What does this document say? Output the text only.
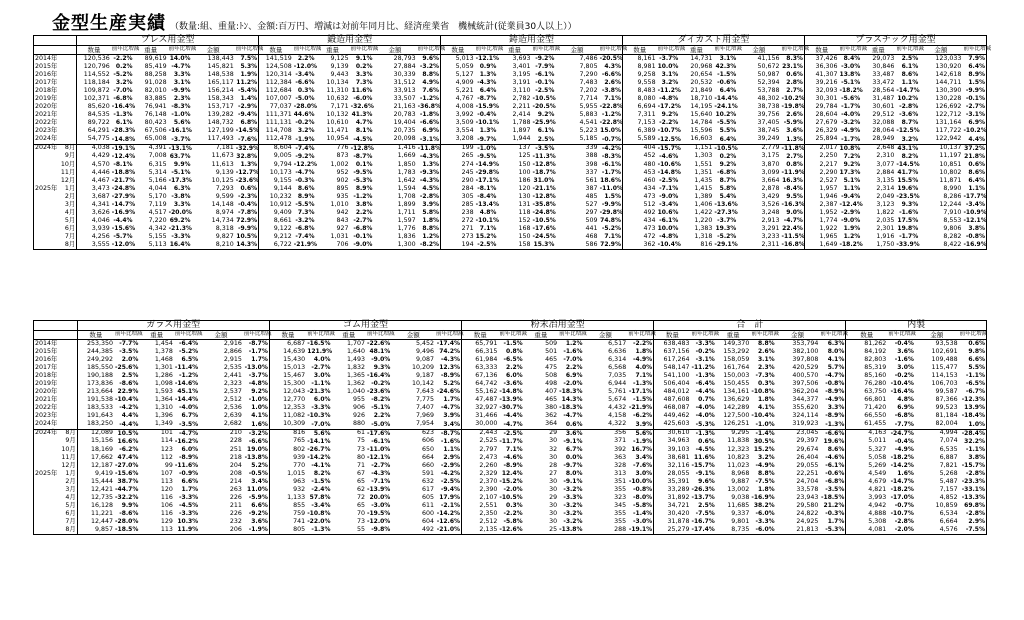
金型生産実績 （数量:組、重量:ﾄﾝ、金額:百万円、増減は対前年同月比、経済産業省　機械統計(従業員30人以上））
		プレス用金型						鍛造用金型						鋳造用金型						ダイカスト用金型						プラスチック用金型					
		数量	前年比増減	重量	前年比増減	金額	前年比増減	数量	前年比増減	重量	前年比増減	金額	前年比増減	数量	前年比増減	重量	前年比増減	金額	前年比増減	数量	前年比増減	重量	前年比増減	金額	前年比増減	数量	前年比増減	重量	前年比増減	金額	前年比増減
2014年		120,536	-2.2%	89,619	14.0%	138,443	7.5%	141,519	2.2%	9,125	9.1%	28,793	9.6%	5,013	-12.1%	3,693	-9.2%	7,486	-20.5%	8,161	-3.7%	14,731	3.1%	41,156	8.3%	37,426	8.4%	29,073	2.5%	123,033	7.9%
2015年		120,796	0.2%	85,419	-4.7%	145,821	5.3%	124,508	-12.0%	9,139	0.2%	27,884	-3.2%	5,059	0.9%	3,401	-7.9%	7,805	4.3%	8,981	10.0%	20,968	42.3%	50,672	23.1%	36,306	-3.0%	30,846	6.1%	130,920	6.4%
2016年		114,552	-5.2%	88,258	3.3%	148,538	1.9%	120,314	-3.4%	9,443	3.3%	30,339	8.8%	5,127	1.3%	3,195	-6.1%	7,290	-6.6%	9,258	3.1%	20,654	-1.5%	50,987	0.6%	41,307	13.8%	33,487	8.6%	142,618	8.9%
2017年		118,184	3.2%	91,028	3.1%	165,117	11.2%	112,384	-6.6%	10,134	7.3%	31,512	4.9%	4,909	-4.3%	3,191	-0.1%	7,483	2.6%	9,558	3.2%	20,532	-0.6%	52,394	2.8%	39,216	-5.1%	33,472	1.1%	144,711	1.5%
2018年		109,872	-7.0%	82,010	-9.9%	156,214	-5.4%	112,684	0.3%	11,310	11.6%	33,913	7.6%	5,221	6.4%	3,110	-2.5%	7,202	-3.8%	8,483	-11.2%	21,849	6.4%	53,788	2.7%	32,093	-18.2%	28,564	-14.7%	130,390	-9.9%
2019年		102,371	-6.8%	83,885	2.3%	158,343	1.4%	107,007	-5.0%	10,632	-6.0%	33,507	-1.2%	4,767	-8.7%	2,782	-10.5%	7,714	7.1%	8,080	-4.8%	18,710	-14.4%	48,302	-10.2%	30,301	-5.6%	31,487	10.2%	130,228	-0.1%
2020年		85,620	-16.4%	76,941	-8.3%	153,717	-2.9%	77,037	-28.0%	7,171	-32.6%	21,163	-36.8%	4,008	-15.9%	2,211	-20.5%	5,955	-22.8%	6,694	-17.2%	14,195	-24.1%	38,738	-19.8%	29,784	-1.7%	30,601	-2.8%	126,692	-2.7%
2021年		84,535	-1.3%	76,148	-1.0%	139,282	-9.4%	111,371	44.6%	10,132	41.3%	20,783	-1.8%	3,992	-0.4%	2,414	9.2%	5,883	-1.2%	7,311	9.2%	15,640	10.2%	39,756	2.6%	28,604	-4.0%	29,512	-3.6%	122,712	-3.1%
2022年		89,722	6.1%	80,423	5.6%	148,732	6.8%	111,131	-0.2%	10,610	4.7%	19,404	-6.6%	3,509	-10.1%	1,788	-25.9%	4,541	-22.8%	7,153	-2.2%	14,784	-5.5%	37,405	-5.9%	27,679	-3.2%	32,088	8.7%	131,164	6.9%
2023年		64,291	-28.3%	67,506	-16.1%	127,199	-14.5%	114,708	3.2%	11,471	8.1%	20,735	6.9%	3,554	1.3%	1,897	6.1%	5,223	15.0%	6,389	-10.7%	15,596	5.5%	38,745	3.6%	26,329	-4.9%	28,064	-12.5%	117,722	-10.2%
2024年		54,775	-14.8%	65,008	-3.7%	117,493	-7.6%	112,478	-1.9%	10,954	-4.5%	20,098	-3.1%	3,208	-9.7%	1,944	2.5%	5,185	-0.7%	5,589	-12.5%	16,603	6.4%	39,249	1.3%	25,894	-1.7%	28,949	3.2%	122,942	4.4%
2024年	8月	4,038	-19.1%	4,391	-13.1%	7,181	-32.9%	8,604	-7.4%	776	-12.8%	1,416	-11.8%	199	-1.0%	137	-3.5%	339	-4.2%	404	-15.7%	1,151	-10.5%	2,779	-11.8%	2,017	10.8%	2,648	43.1%	10,137	37.2%
	9月	4,429	-12.4%	7,008	63.7%	11,673	32.8%	9,005	-9.2%	873	-8.7%	1,669	-4.3%	265	-9.5%	125	-11.3%	388	-8.3%	452	-4.6%	1,303	0.2%	3,175	2.7%	2,250	7.2%	2,310	8.2%	11,197	21.8%
	10月	4,570	-8.1%	6,315	9.9%	11,613	1.3%	9,794	-12.2%	1,002	0.1%	1,850	1.3%	274	-14.9%	150	-12.8%	398	-6.1%	480	-10.6%	1,551	9.2%	3,870	0.8%	2,217	9.2%	3,077	-14.5%	10,851	0.6%
	11月	4,446	-18.8%	5,314	-5.1%	9,139	-12.7%	10,173	-4.7%	952	-9.5%	1,783	-9.3%	245	-29.8%	100	-18.7%	337	-1.7%	453	-14.8%	1,351	-6.8%	3,099	-11.9%	2,290	17.3%	2,884	41.7%	10,802	8.6%
	12月	4,467	-21.7%	5,166	-17.3%	10,125	-23.6%	9,155	-0.3%	902	-5.3%	1,642	-4.3%	290	-17.1%	186	31.0%	561	18.6%	460	-2.5%	1,435	8.7%	3,664	16.3%	2,527	5.1%	3,135	15.5%	11,871	6.4%
2025年	1月	3,473	-24.8%	4,044	6.3%	7,293	0.6%	9,144	8.6%	895	8.9%	1,594	4.5%	284	-8.1%	120	-21.1%	387	-11.0%	434	-7.1%	1,415	5.8%	2,878	-8.4%	1,957	1.1%	2,314	19.6%	8,990	1.1%
	2月	3,687	-27.9%	5,170	-3.8%	9,599	-2.3%	10,232	8.9%	935	-1.2%	1,708	-2.8%	305	-8.4%	130	-12.8%	485	1.5%	473	-9.0%	1,389	5.4%	3,429	9.5%	1,946	-9.4%	2,049	-23.5%	8,286	-17.7%
	3月	4,341	-14.7%	7,119	3.3%	14,148	-0.4%	10,912	-5.5%	1,010	3.8%	1,899	3.9%	285	-13.4%	131	-35.8%	527	-9.9%	512	-3.4%	1,406	-13.6%	3,526	-16.3%	2,387	-12.4%	3,123	9.3%	12,244	-3.4%
	4月	3,626	-16.9%	4,517	-20.0%	8,974	-7.8%	9,409	7.3%	942	2.2%	1,711	5.8%	238	4.8%	118	-24.8%	297	-29.8%	492	10.6%	1,422	-27.3%	3,248	9.0%	1,952	-2.9%	1,822	-1.6%	7,910	-10.9%
	5月	4,046	-4.4%	7,220	69.2%	14,734	72.9%	8,661	-3.2%	843	-2.7%	1,597	1.8%	272	-10.1%	152	-10.5%	509	74.8%	434	-6.1%	1,220	-3.7%	2,913	-4.7%	1,774	-9.0%	2,035	17.5%	8,553	-12.1%
	6月	3,939	-15.6%	4,342	-21.3%	8,318	-9.9%	9,122	-6.8%	927	-6.8%	1,776	8.8%	271	7.1%	168	-17.6%	441	-5.2%	473	10.0%	1,383	19.3%	3,291	22.4%	1,922	1.9%	2,301	19.8%	9,806	3.8%
	7月	4,256	-5.7%	5,155	-3.3%	9,827	10.5%	9,212	-7.4%	1,031	-0.1%	1,836	1.2%	273	15.2%	150	-24.5%	468	7.1%	472	-4.8%	1,318	-5.2%	3,233	-11.5%	1,965	1.2%	1,916	-1.7%	8,282	-0.8%
	8月	3,555	-12.0%	5,113	16.4%	8,210	14.3%	6,722	-21.9%	706	-9.0%	1,300	-8.2%	194	-2.5%	158	15.3%	586	72.9%	362	-10.4%	816	-29.1%	2,311	-16.8%	1,649	-18.2%	1,750	-33.9%	8,422	-16.9%
		ガラス用金型						ゴム用金型						粉末冶用金型						合　計						内製			
		数量	前年比増減	重量	前年比増減	金額	前年比増減	数量	前年比増減	重量	前年比増減	金額	前年比増減	数量	前年比増減	重量	前年比増減	金額	前年比増減	数量	前年比増減	重量	前年比増減	金額	前年比増減	数量	前年比増減	金額	前年比増減
2014年		253,350	-7.7%	1,454	-6.4%	2,916	-8.7%	6,687	-16.5%	1,707	-22.6%	5,452	-17.4%	65,791	-1.5%	509	1.2%	6,517	-2.2%	638,483	-3.3%	149,370	8.8%	353,794	6.3%	81,262	-0.4%	93,538	0.6%
2015年		244,385	-3.5%	1,378	-5.2%	2,866	-1.7%	14,639	121.9%	1,640	48.1%	9,496	74.2%	66,315	0.8%	501	-1.6%	6,636	1.8%	637,156	-0.2%	153,292	2.6%	382,100	8.0%	84,192	3.6%	102,691	9.8%
2016年		249,292	2.0%	1,468	6.5%	2,915	1.7%	15,430	4.0%	1,493	-9.0%	9,087	-4.3%	61,984	-6.5%	465	-7.0%	6,314	-4.9%	617,264	-3.1%	158,059	3.1%	397,808	4.1%	82,803	-1.6%	109,488	6.6%
2017年		185,550	-25.6%	1,301	-11.4%	2,535	-13.0%	15,013	-2.7%	1,832	9.3%	10,209	12.3%	63,333	2.2%	475	2.2%	6,568	4.0%	548,147	-11.2%	161,764	2.3%	420,529	5.7%	85,319	3.0%	115,477	5.5%
2018年		190,188	2.5%	1,286	-1.2%	2,441	-3.7%	15,467	3.0%	1,365	-16.4%	9,187	-8.9%	67,136	6.0%	508	6.9%	7,035	7.1%	541,100	-1.3%	150,003	-7.3%	400,570	-4.7%	85,160	-0.2%	114,153	-1.1%
2019年		173,836	-8.6%	1,098	-14.6%	2,323	-4.8%	15,300	-1.1%	1,362	-0.2%	10,142	5.2%	64,742	-3.6%	498	-2.0%	6,944	-1.3%	506,404	-6.4%	150,455	0.3%	397,506	-0.8%	76,280	-10.4%	106,703	-6.5%
2020年		213,664	22.9%	1,593	45.1%	2,537	9.2%	12,043	-21.3%	1,040	-23.6%	7,643	-24.6%	55,162	-14.8%	407	-18.3%	5,761	-17.1%	484,012	-4.4%	134,161	-10.8%	362,204	-8.9%	63,750	-16.4%	99,587	-6.7%
2021年		191,538	-10.4%	1,364	-14.4%	2,512	-1.0%	12,770	6.0%	955	-8.2%	7,775	1.7%	47,487	-13.9%	465	14.3%	5,674	-1.5%	487,608	0.7%	136,629	1.8%	344,377	-4.9%	66,801	4.8%	87,366	-12.3%
2022年		183,533	-4.2%	1,310	-4.0%	2,536	1.0%	12,353	-3.3%	906	-5.1%	7,407	-4.7%	32,927	-30.7%	380	-18.3%	4,432	-21.9%	468,087	-4.0%	142,289	4.1%	355,620	3.3%	71,420	6.9%	99,523	13.9%
2023年		191,643	4.4%	1,396	6.7%	2,639	4.1%	11,082	-10.3%	926	2.2%	7,969	3.9%	31,466	-4.4%	362	-4.7%	4,158	-6.2%	449,462	-4.0%	127,500	-10.4%	324,114	-8.9%	66,550	-6.8%	81,184	-18.4%
2024年		183,250	-4.4%	1,349	-3.5%	2,682	1.6%	10,309	-7.0%	880	-5.0%	7,954	3.4%	30,000	-4.7%	364	0.6%	4,322	3.9%	425,603	-5.3%	126,251	-1.0%	319,923	-1.3%	61,455	-7.7%	82,004	1.0%
2024年	8月	12,089	10.5%	101	-4.7%	210	-3.2%	816	5.6%	61	-17.6%	623	-8.7%	2,443	-2.5%	29	3.6%	356	5.6%	30,610	-1.3%	9,295	-1.4%	23,045	-6.6%	4,163	-24.7%	4,994	-28.4%
	9月	15,156	16.6%	114	-16.2%	228	-6.6%	765	-14.1%	75	-6.1%	606	-1.6%	2,525	-11.7%	30	-9.1%	371	-1.9%	34,963	0.6%	11,838	30.5%	29,397	19.6%	5,011	-0.4%	7,074	32.2%
	10月	18,169	-6.2%	123	6.0%	251	19.0%	802	-26.7%	73	-11.0%	650	1.1%	2,797	7.1%	32	6.7%	392	16.7%	39,103	-4.5%	12,323	15.2%	29,674	8.6%	5,327	-4.9%	6,535	-1.1%
	11月	17,662	47.4%	112	-8.9%	218	-13.8%	939	-14.2%	80	-12.1%	664	2.9%	2,473	-4.6%	30	0.0%	363	3.4%	38,681	11.6%	10,823	3.2%	26,404	-4.6%	5,058	-18.2%	6,887	3.8%
	12月	12,187	-27.0%	99	-11.6%	204	5.2%	770	-4.1%	71	-2.7%	660	-2.9%	2,260	-8.9%	28	-9.7%	328	-7.6%	32,116	-15.7%	11,023	-4.9%	29,055	-6.1%	5,269	-14.2%	7,821	-15.7%
2025年	1月	9,419	-15.6%	107	-0.9%	208	-0.5%	1,015	8.2%	67	-4.3%	591	-4.2%	2,329	12.4%	27	8.0%	313	3.0%	28,055	-9.1%	8,968	8.8%	22,251	-0.6%	4,549	1.6%	5,268	-2.8%
	2月	15,444	38.7%	113	6.6%	214	3.4%	963	-1.5%	65	-7.1%	632	-2.5%	2,370	-15.2%	30	-9.1%	351	-10.0%	35,391	9.6%	9,887	-7.5%	24,704	-6.8%	4,679	-14.7%	5,487	-23.3%
	3月	12,421	-44.7%	120	1.7%	263	11.0%	932	-2.4%	62	-13.9%	617	-9.4%	2,390	-2.0%	30	-3.2%	355	-0.8%	33,289	-26.3%	13,002	1.8%	33,578	-3.5%	4,821	-18.2%	7,157	-33.1%
	4月	12,735	-32.2%	116	-3.3%	226	-5.9%	1,133	57.8%	72	20.0%	605	17.9%	2,107	-10.5%	29	-3.3%	323	-8.0%	31,892	-13.7%	9,038	-16.9%	23,943	-18.5%	3,993	-17.0%	4,852	-13.3%
	5月	16,128	9.9%	106	-4.5%	211	6.6%	855	-3.4%	65	-3.0%	611	-2.1%	2,551	0.3%	30	-3.2%	345	-5.8%	34,721	2.5%	11,685	38.2%	29,580	21.2%	4,942	-0.7%	10,859	69.8%
	6月	11,221	-8.6%	116	-3.3%	226	-9.2%	759	-10.8%	70	-19.5%	600	-14.2%	2,350	-2.2%	30	-3.2%	355	-1.4%	30,420	-7.5%	9,337	-6.0%	24,822	-0.3%	4,888	-10.7%	6,534	-2.8%
	7月	12,447	-28.0%	129	10.3%	232	3.6%	741	-22.0%	73	-12.0%	604	-12.6%	2,512	-5.8%	30	-3.2%	355	-3.0%	31,878	-16.7%	9,801	-3.3%	24,925	1.7%	5,308	-2.8%	6,664	2.9%
	8月	9,857	-18.5%	113	11.9%	206	-1.9%	805	-1.3%	55	-9.8%	492	-21.0%	2,135	-12.6%	25	-13.8%	288	-19.1%	25,279	-17.4%	8,735	-6.0%	21,813	-5.3%	4,081	-2.0%	4,576	-7.5%
